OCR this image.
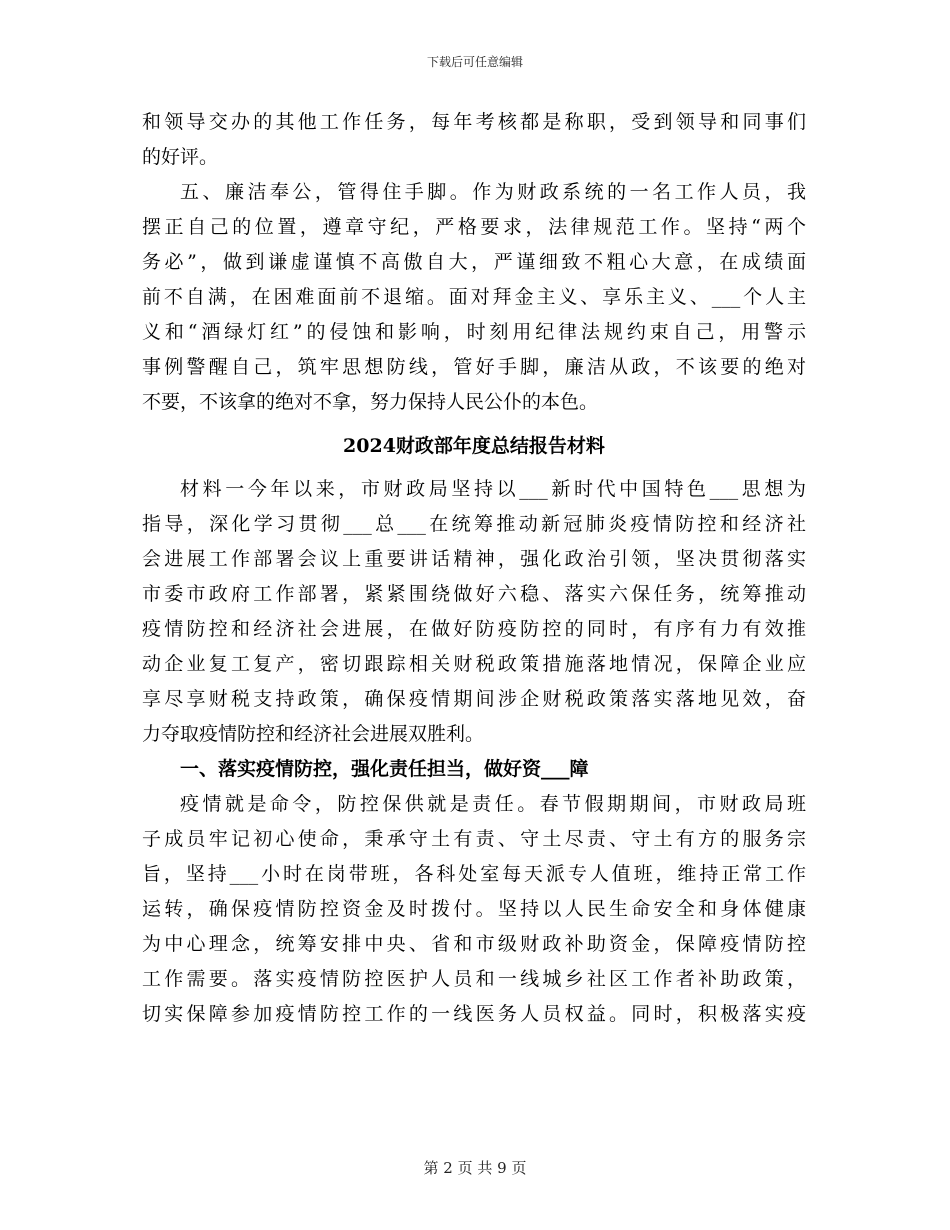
下载后可任意编辑
和领导交办的其他工作任务，每年考核都是称职，受到领导和同事们
的好评。
五、廉洁奉公，管得住手脚。作为财政系统的一名工作人员，我
摆正自己的位置，遵章守纪，严格要求，法律规范工作。坚持“两个
务必”，做到谦虚谨慎不高傲自大，严谨细致不粗心大意，在成绩面
前不自满，在困难面前不退缩。面对拜金主义、享乐主义、___个人主
义和“酒绿灯红”的侵蚀和影响，时刻用纪律法规约束自己，用警示
事例警醒自己，筑牢思想防线，管好手脚，廉洁从政，不该要的绝对
不要，不该拿的绝对不拿，努力保持人民公仆的本色。
2024财政部年度总结报告材料
材料一今年以来，市财政局坚持以___新时代中国特色___思想为
指导，深化学习贯彻___总___在统筹推动新冠肺炎疫情防控和经济社
会进展工作部署会议上重要讲话精神，强化政治引领，坚决贯彻落实
市委市政府工作部署，紧紧围绕做好六稳、落实六保任务，统筹推动
疫情防控和经济社会进展，在做好防疫防控的同时，有序有力有效推
动企业复工复产，密切跟踪相关财税政策措施落地情况，保障企业应
享尽享财税支持政策，确保疫情期间涉企财税政策落实落地见效，奋
力夺取疫情防控和经济社会进展双胜利。
一、落实疫情防控，强化责任担当，做好资___障
疫情就是命令，防控保供就是责任。春节假期期间，市财政局班
子成员牢记初心使命，秉承守土有责、守土尽责、守土有方的服务宗
旨，坚持___小时在岗带班，各科处室每天派专人值班，维持正常工作
运转，确保疫情防控资金及时拨付。坚持以人民生命安全和身体健康
为中心理念，统筹安排中央、省和市级财政补助资金，保障疫情防控
工作需要。落实疫情防控医护人员和一线城乡社区工作者补助政策，
切实保障参加疫情防控工作的一线医务人员权益。同时，积极落实疫
第 2 页 共 9 页
